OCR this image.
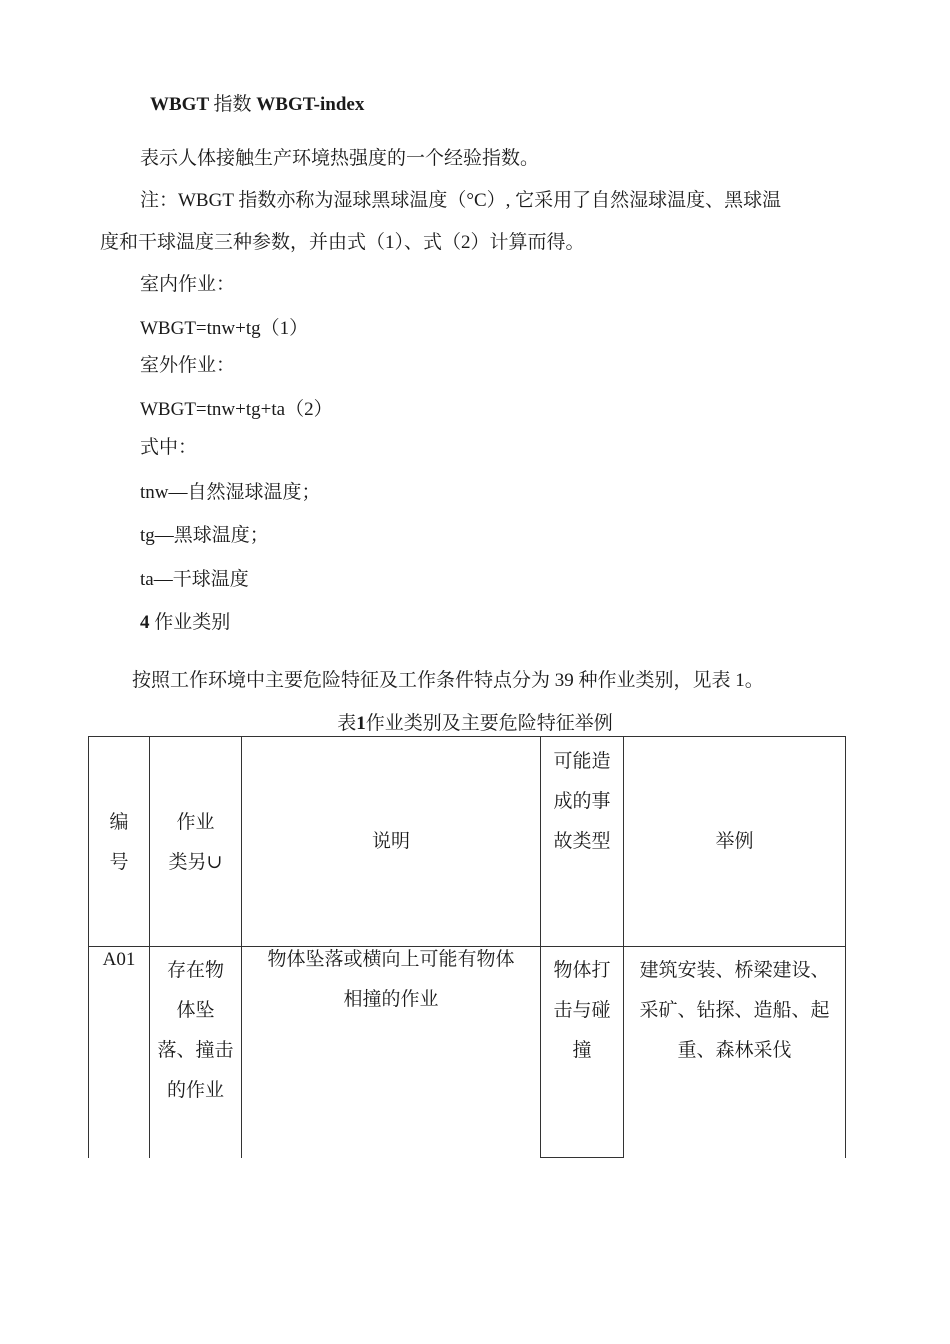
WBGT 指数 WBGT-index
表示人体接触生产环境热强度的一个经验指数。
注：WBGT 指数亦称为湿球黑球温度（°C）, 它采用了自然湿球温度、黑球温
度和干球温度三种参数，并由式（1）、式（2）计算而得。
室内作业：
WBGT=tnw+tg（1）
室外作业：
WBGT=tnw+tg+ta（2）
式中：
tnw—自然湿球温度；
tg—黑球温度；
ta—干球温度
4 作业类别
按照工作环境中主要危险特征及工作条件特点分为 39 种作业类别，见表 1。
表1作业类别及主要危险特征举例
编
号
作业
类另∪
说明
可能造
成的事
故类型	举例
A01
存在物
体坠
落、撞击
的作业
物体坠落或横向上可能有物体
相撞的作业
物体打
击与碰
撞
建筑安装、桥梁建设、
采矿、钻探、造船、起
重、森林采伐
